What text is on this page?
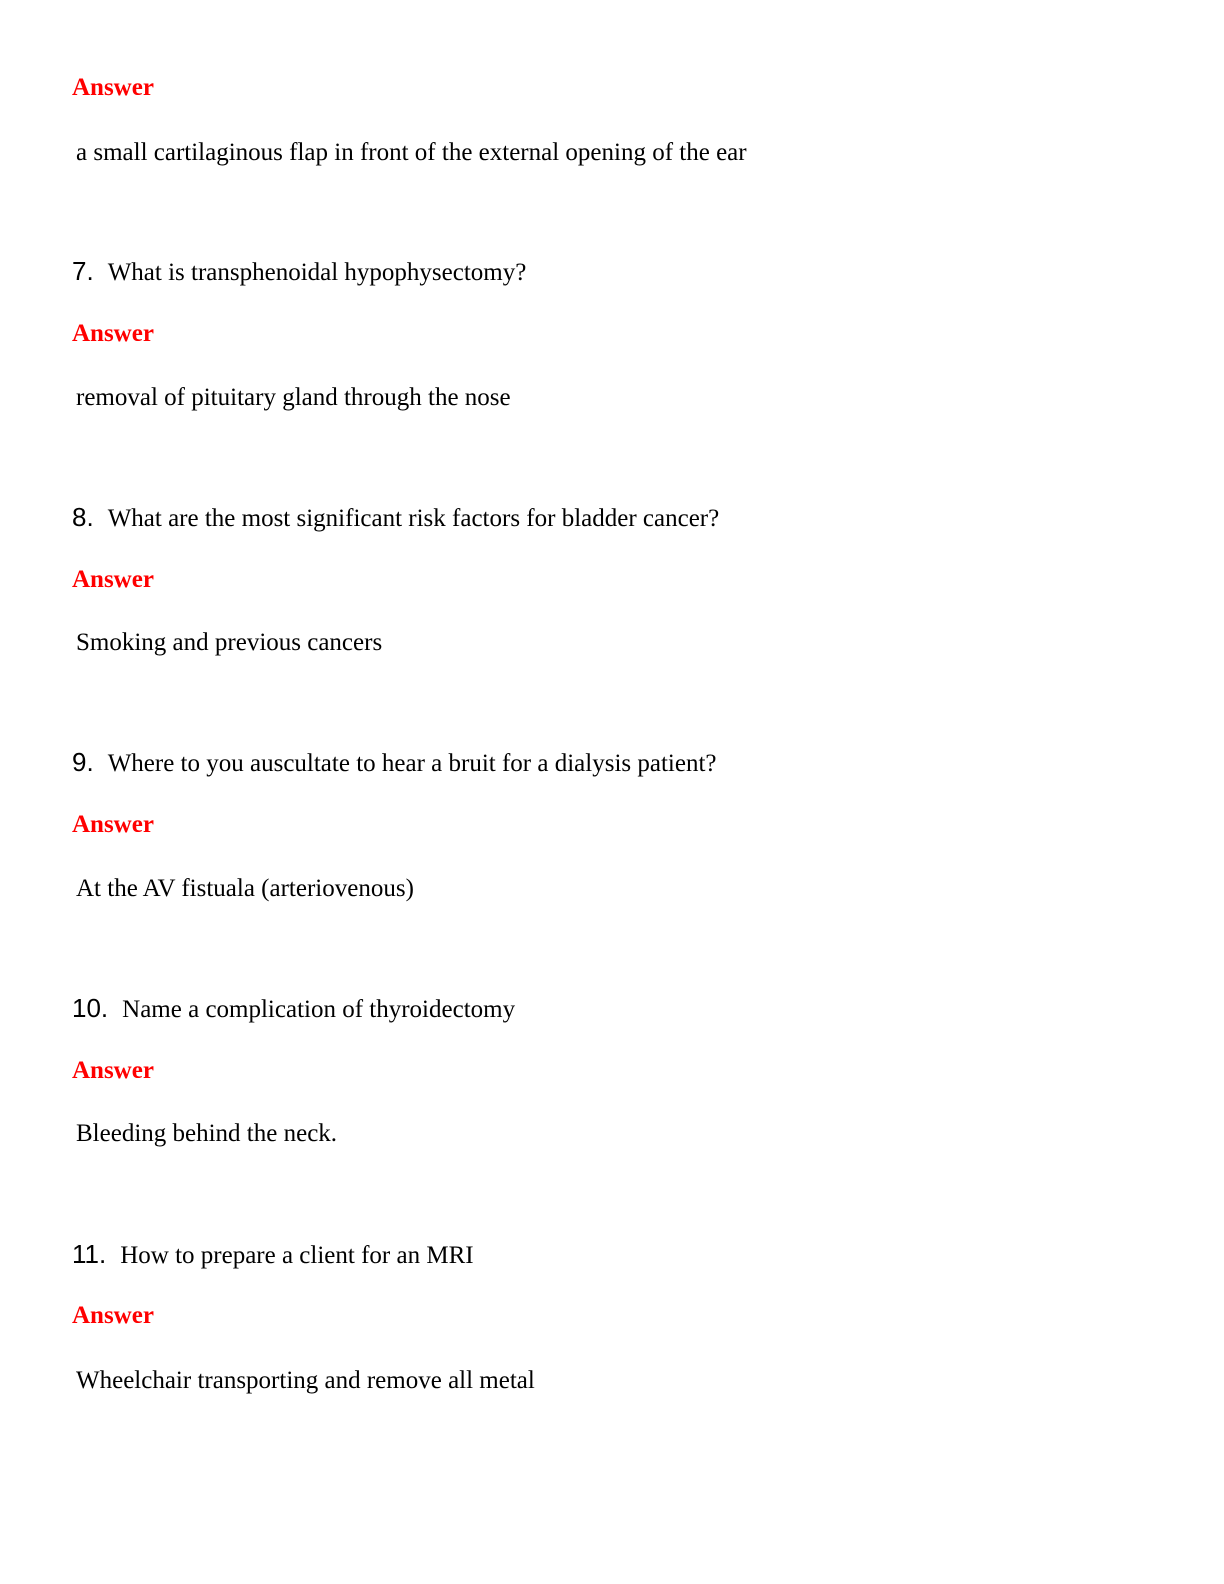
Answer
a small cartilaginous flap in front of the external opening of the ear
7. What is transphenoidal hypophysectomy?
Answer
removal of pituitary gland through the nose
8. What are the most significant risk factors for bladder cancer?
Answer
Smoking and previous cancers
9. Where to you auscultate to hear a bruit for a dialysis patient?
Answer
At the AV fistuala (arteriovenous)
10. Name a complication of thyroidectomy
Answer
Bleeding behind the neck.
11. How to prepare a client for an MRI
Answer
Wheelchair transporting and remove all metal
